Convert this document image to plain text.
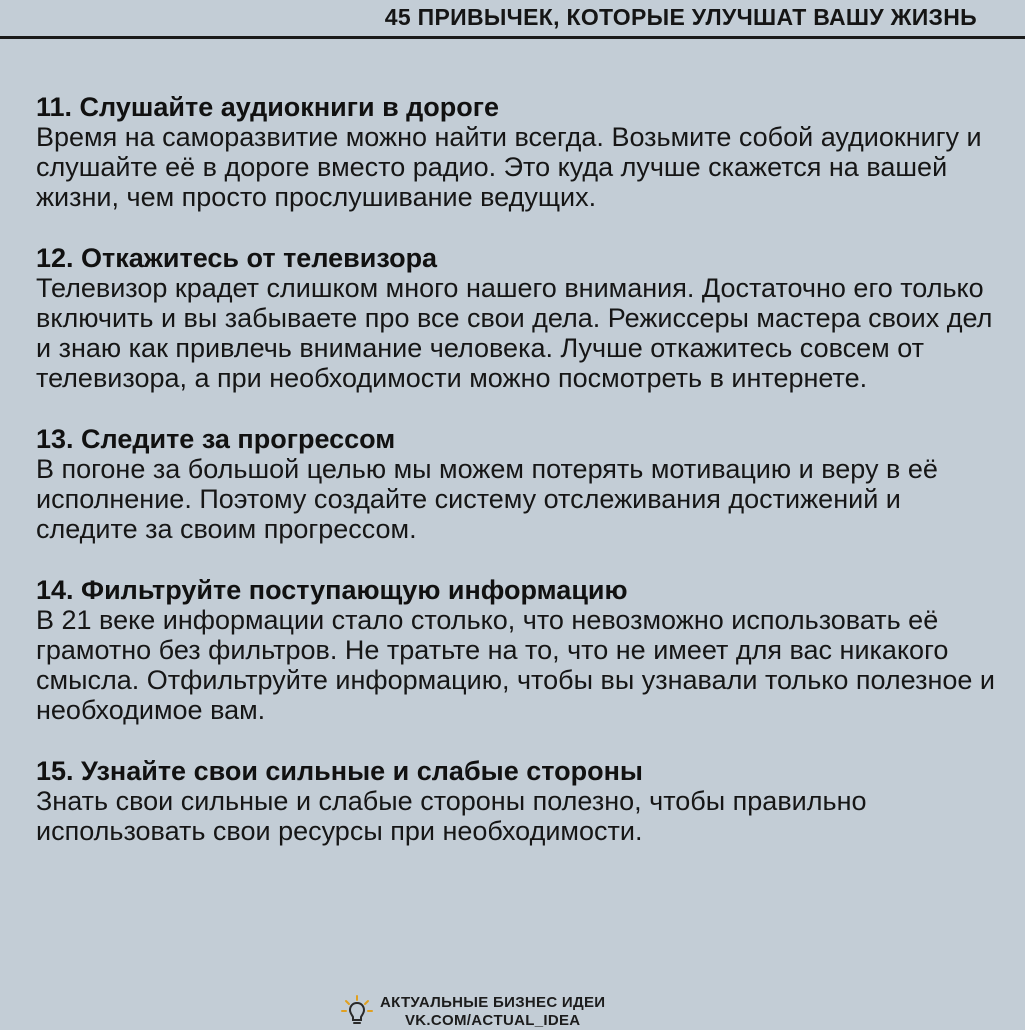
45 ПРИВЫЧЕК, КОТОРЫЕ УЛУЧШАТ ВАШУ ЖИЗНЬ
11. Слушайте аудиокниги в дороге
Время на саморазвитие можно найти всегда. Возьмите собой аудиокнигу и слушайте её в дороге вместо радио. Это куда лучше скажется на вашей жизни, чем просто прослушивание ведущих.
12. Откажитесь от телевизора
Телевизор крадет слишком много нашего внимания. Достаточно его только включить и вы забываете про все свои дела. Режиссеры мастера своих дел и знаю как привлечь внимание человека. Лучше откажитесь совсем от телевизора, а при необходимости можно посмотреть в интернете.
13. Следите за прогрессом
В погоне за большой целью мы можем потерять мотивацию и веру в её исполнение. Поэтому создайте систему отслеживания достижений и следите за своим прогрессом.
14. Фильтруйте поступающую информацию
В 21 веке информации стало столько, что невозможно использовать её грамотно без фильтров. Не тратьте на то, что не имеет для вас никакого смысла. Отфильтруйте информацию, чтобы вы узнавали только полезное и необходимое вам.
15. Узнайте свои сильные и слабые стороны
Знать свои сильные и слабые стороны полезно, чтобы правильно использовать свои ресурсы при необходимости.
АКТУАЛЬНЫЕ БИЗНЕС ИДЕИ
VK.COM/ACTUAL_IDEA
